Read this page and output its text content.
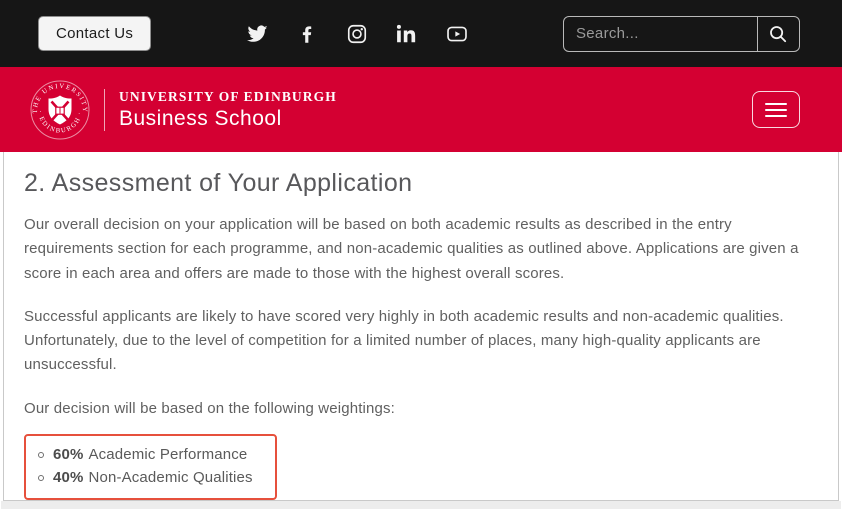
Contact Us
Search...
THE UNIVERSITY
· EDINBURGH ·
UNIVERSITY OF EDINBURGH
Business School
2. Assessment of Your Application

Our overall decision on your application will be based on both academic results as described in the entry requirements section for each programme, and non-academic qualities as outlined above. Applications are given a score in each area and offers are made to those with the highest overall scores.

Successful applicants are likely to have scored very highly in both academic results and non-academic qualities. Unfortunately, due to the level of competition for a limited number of places, many high-quality applicants are unsuccessful.

Our decision will be based on the following weightings:

60% Academic Performance
40% Non-Academic Qualities
